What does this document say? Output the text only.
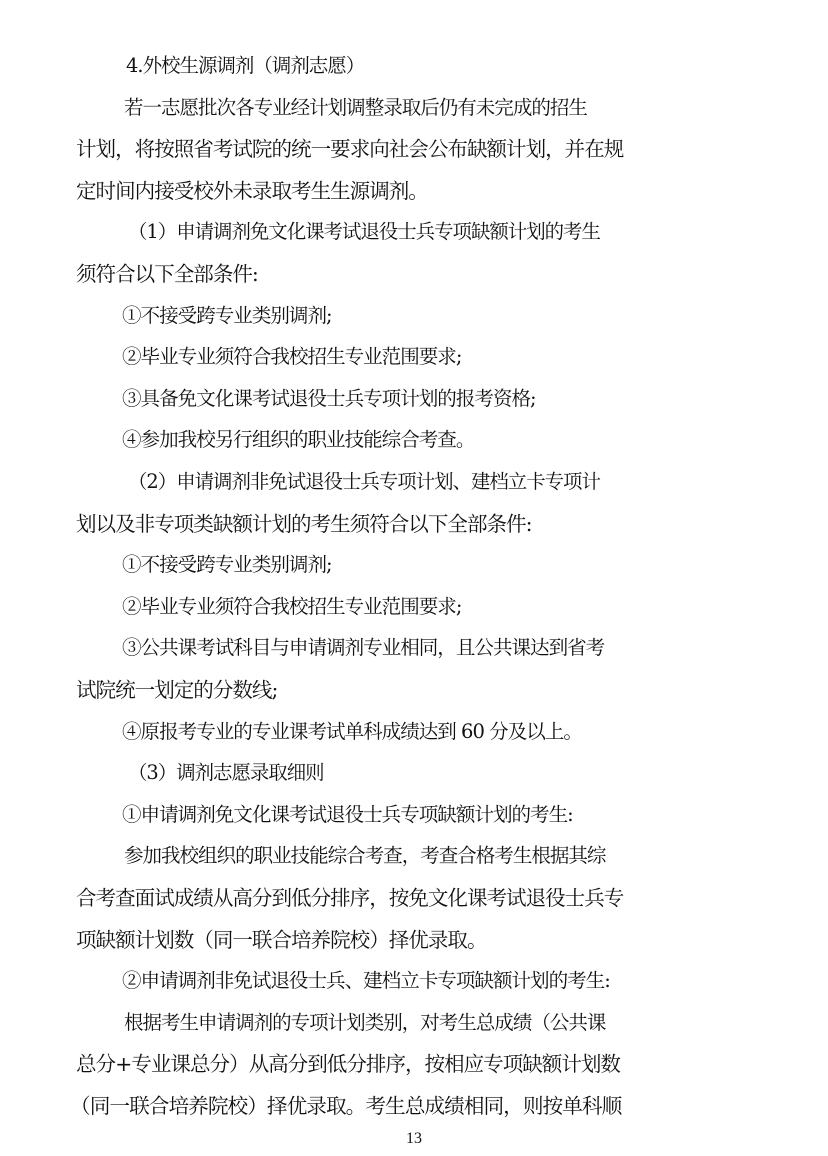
4.外校生源调剂（调剂志愿）
若一志愿批次各专业经计划调整录取后仍有未完成的招生
计划，将按照省考试院的统一要求向社会公布缺额计划，并在规
定时间内接受校外未录取考生生源调剂。
（1）申请调剂免文化课考试退役士兵专项缺额计划的考生
须符合以下全部条件:
①不接受跨专业类别调剂;
②毕业专业须符合我校招生专业范围要求;
③具备免文化课考试退役士兵专项计划的报考资格;
④参加我校另行组织的职业技能综合考查。
（2）申请调剂非免试退役士兵专项计划、建档立卡专项计
划以及非专项类缺额计划的考生须符合以下全部条件:
①不接受跨专业类别调剂;
②毕业专业须符合我校招生专业范围要求;
③公共课考试科目与申请调剂专业相同，且公共课达到省考
试院统一划定的分数线;
④原报考专业的专业课考试单科成绩达到 60 分及以上。
（3）调剂志愿录取细则
①申请调剂免文化课考试退役士兵专项缺额计划的考生:
参加我校组织的职业技能综合考查，考查合格考生根据其综
合考查面试成绩从高分到低分排序，按免文化课考试退役士兵专
项缺额计划数（同一联合培养院校）择优录取。
②申请调剂非免试退役士兵、建档立卡专项缺额计划的考生:
根据考生申请调剂的专项计划类别，对考生总成绩（公共课
总分+专业课总分）从高分到低分排序，按相应专项缺额计划数
（同一联合培养院校）择优录取。考生总成绩相同，则按单科顺
13
